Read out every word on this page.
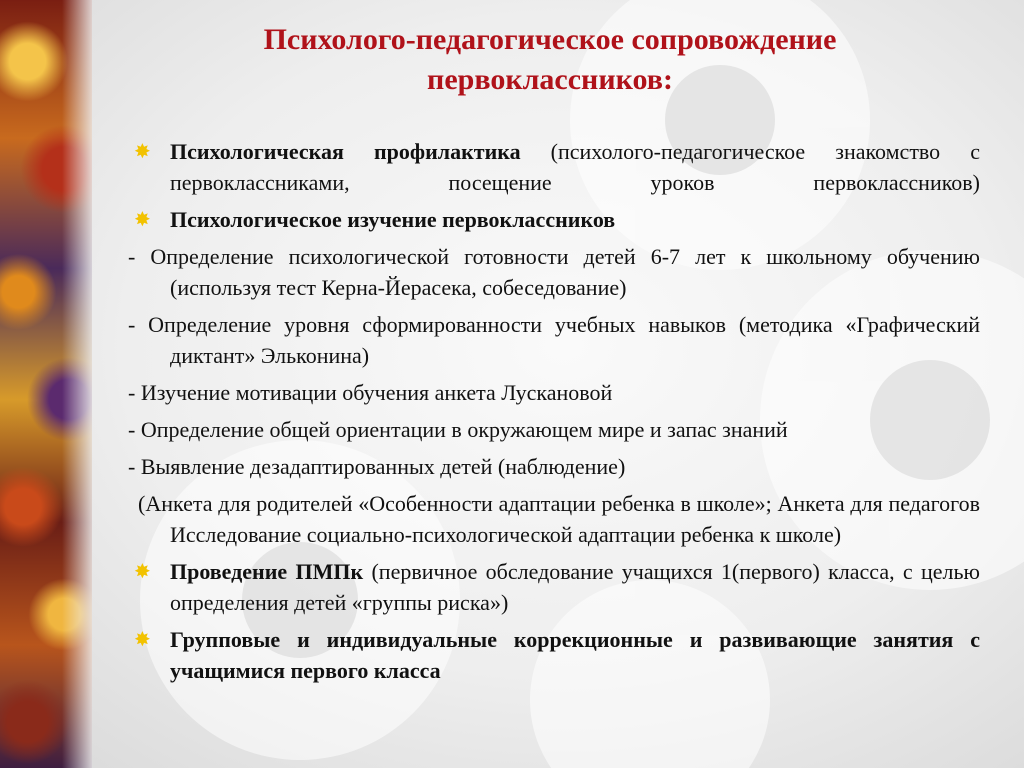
Психолого-педагогическое сопровождение
первоклассников:

✸ Психологическая профилактика (психолого-педагогическое знакомство с первоклассниками, посещение уроков первоклассников)

✸ Психологическое изучение первоклассников

- Определение психологической готовности детей 6-7 лет к школьному обучению (используя тест Керна-Йерасека, собеседование)

- Определение уровня сформированности учебных навыков (методика «Графический диктант» Эльконина)

- Изучение мотивации обучения анкета Лускановой

- Определение общей ориентации в окружающем мире и запас знаний

- Выявление дезадаптированных детей (наблюдение)

(Анкета для родителей «Особенности адаптации ребенка в школе»; Анкета для педагогов Исследование социально-психологической адаптации ребенка к школе)

✸ Проведение ПМПк (первичное обследование учащихся 1(первого) класса, с целью определения детей «группы риска»)

✸ Групповые и индивидуальные коррекционные и развивающие занятия с учащимися первого класса
